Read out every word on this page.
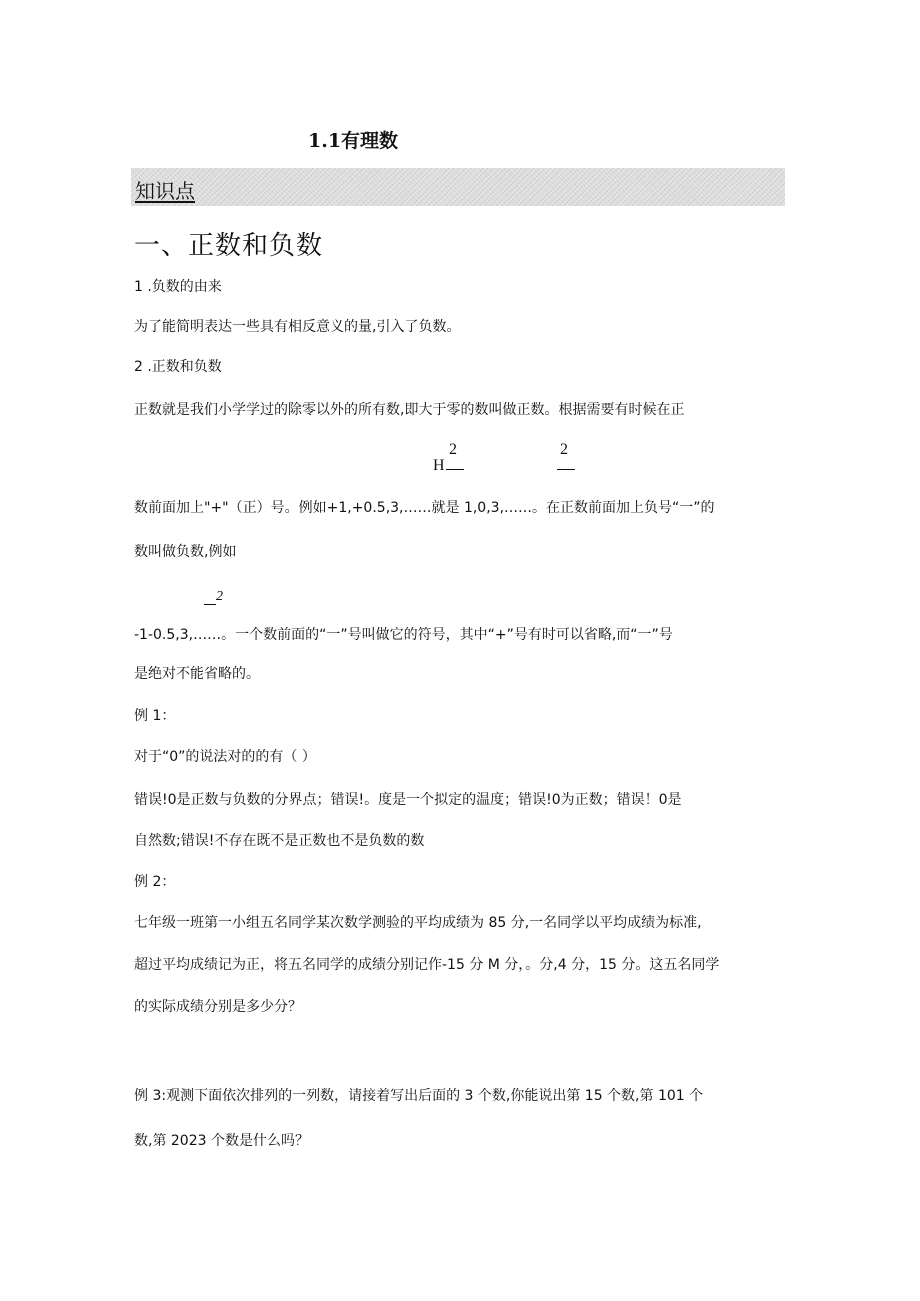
1.1有理数
知识点
一、正数和负数
1 .负数的由来
为了能简明表达一些具有相反意义的量,引入了负数。
2 .正数和负数
正数就是我们小学学过的除零以外的所有数,即大于零的数叫做正数。根据需要有时候在正
2
H
2
数前面加上"+"（正）号。例如+1,+0.5,3,……就是 1,0,3,……。在正数前面加上负号“一”的
数叫做负数,例如
2
-1-0.5,3,……。一个数前面的“一”号叫做它的符号，其中“+”号有时可以省略,而“一”号
是绝对不能省略的。
例 1：
对于“0”的说法对的的有（ ）
错误!0是正数与负数的分界点；错误!。度是一个拟定的温度；错误!0为正数；错误！0是
自然数;错误!不存在既不是正数也不是负数的数
例 2：
七年级一班第一小组五名同学某次数学测验的平均成绩为 85 分,一名同学以平均成绩为标准,
超过平均成绩记为正，将五名同学的成绩分别记作-15 分 M 分，。分,4 分，15 分。这五名同学
的实际成绩分别是多少分？
例 3:观测下面依次排列的一列数，请接着写出后面的 3 个数,你能说出第 15 个数,第 101 个
数,第 2023 个数是什么吗？
